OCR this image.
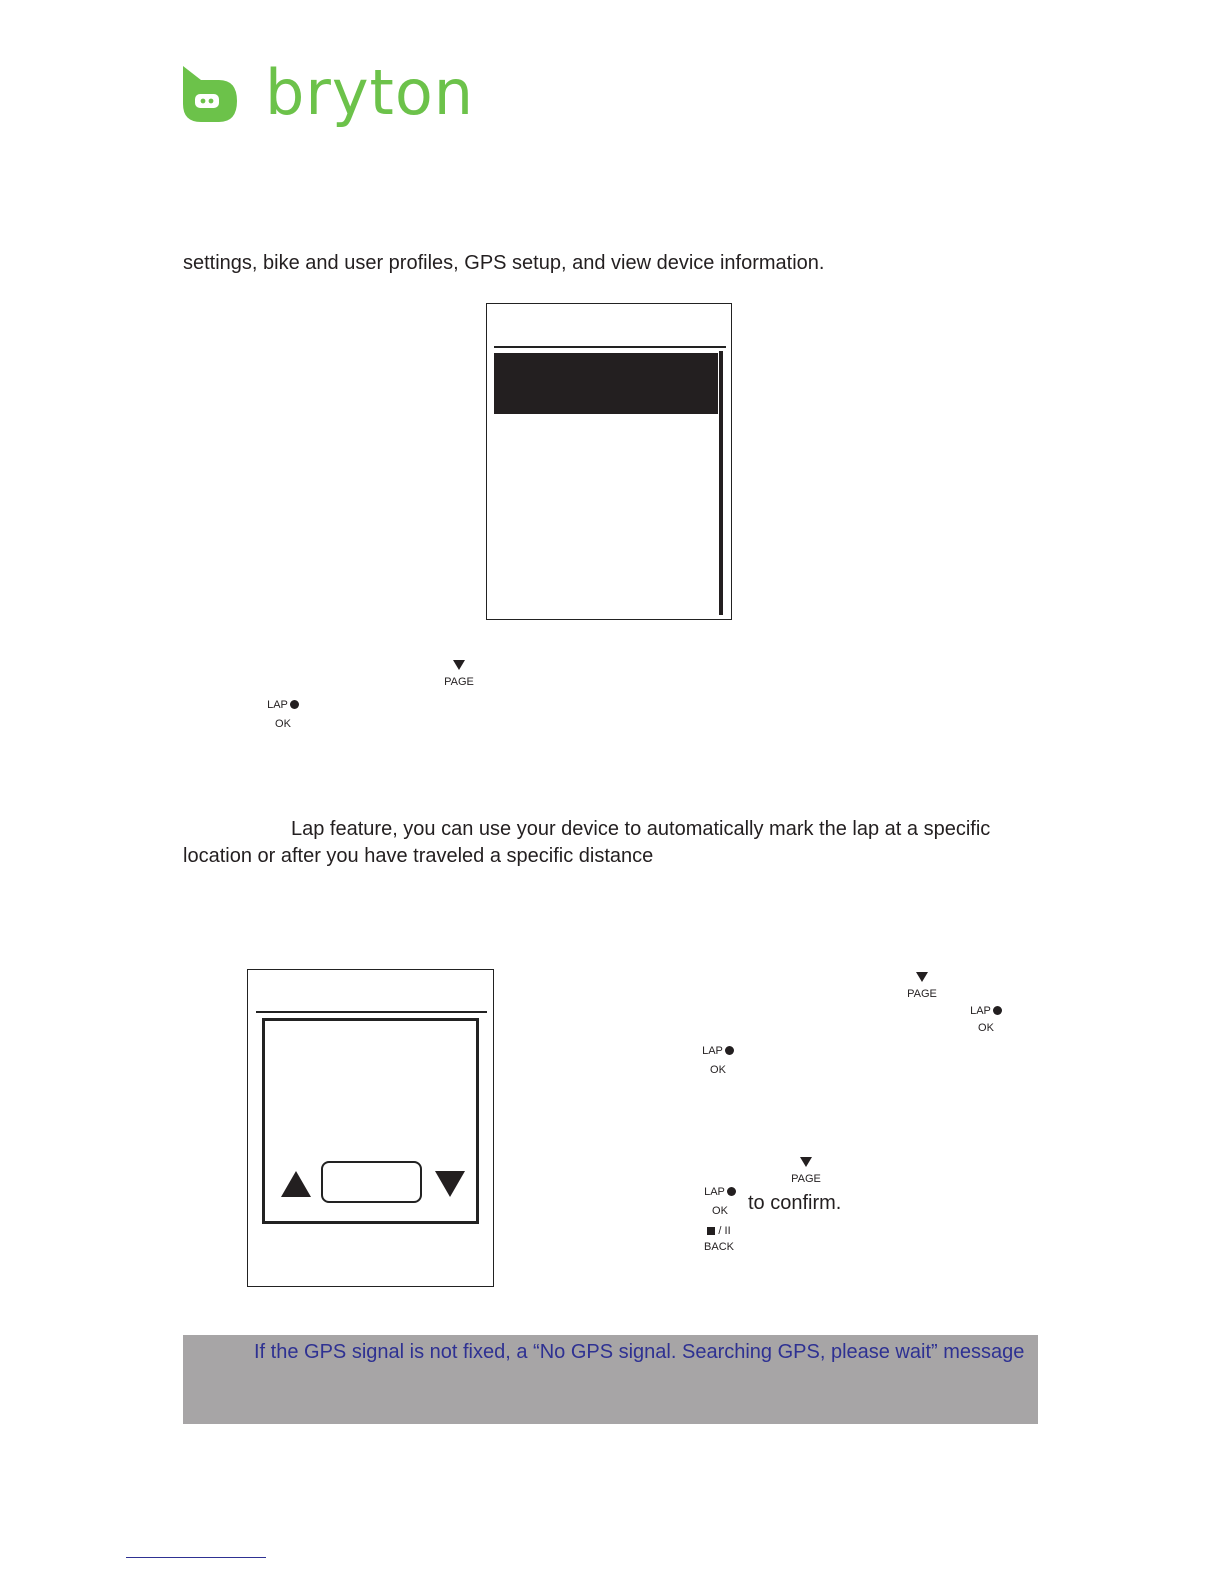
bryton
settings, bike and user profiles, GPS setup, and view device information.
PAGE
LAP
OK
Lap feature, you can use your device to automatically mark the lap at a specific
location or after you have traveled a specific distance
PAGE
LAP
OK
LAP
OK
PAGE
LAP
OK	to confirm.
/ II
BACK
If the GPS signal is not fixed, a “No GPS signal. Searching GPS, please wait” message
